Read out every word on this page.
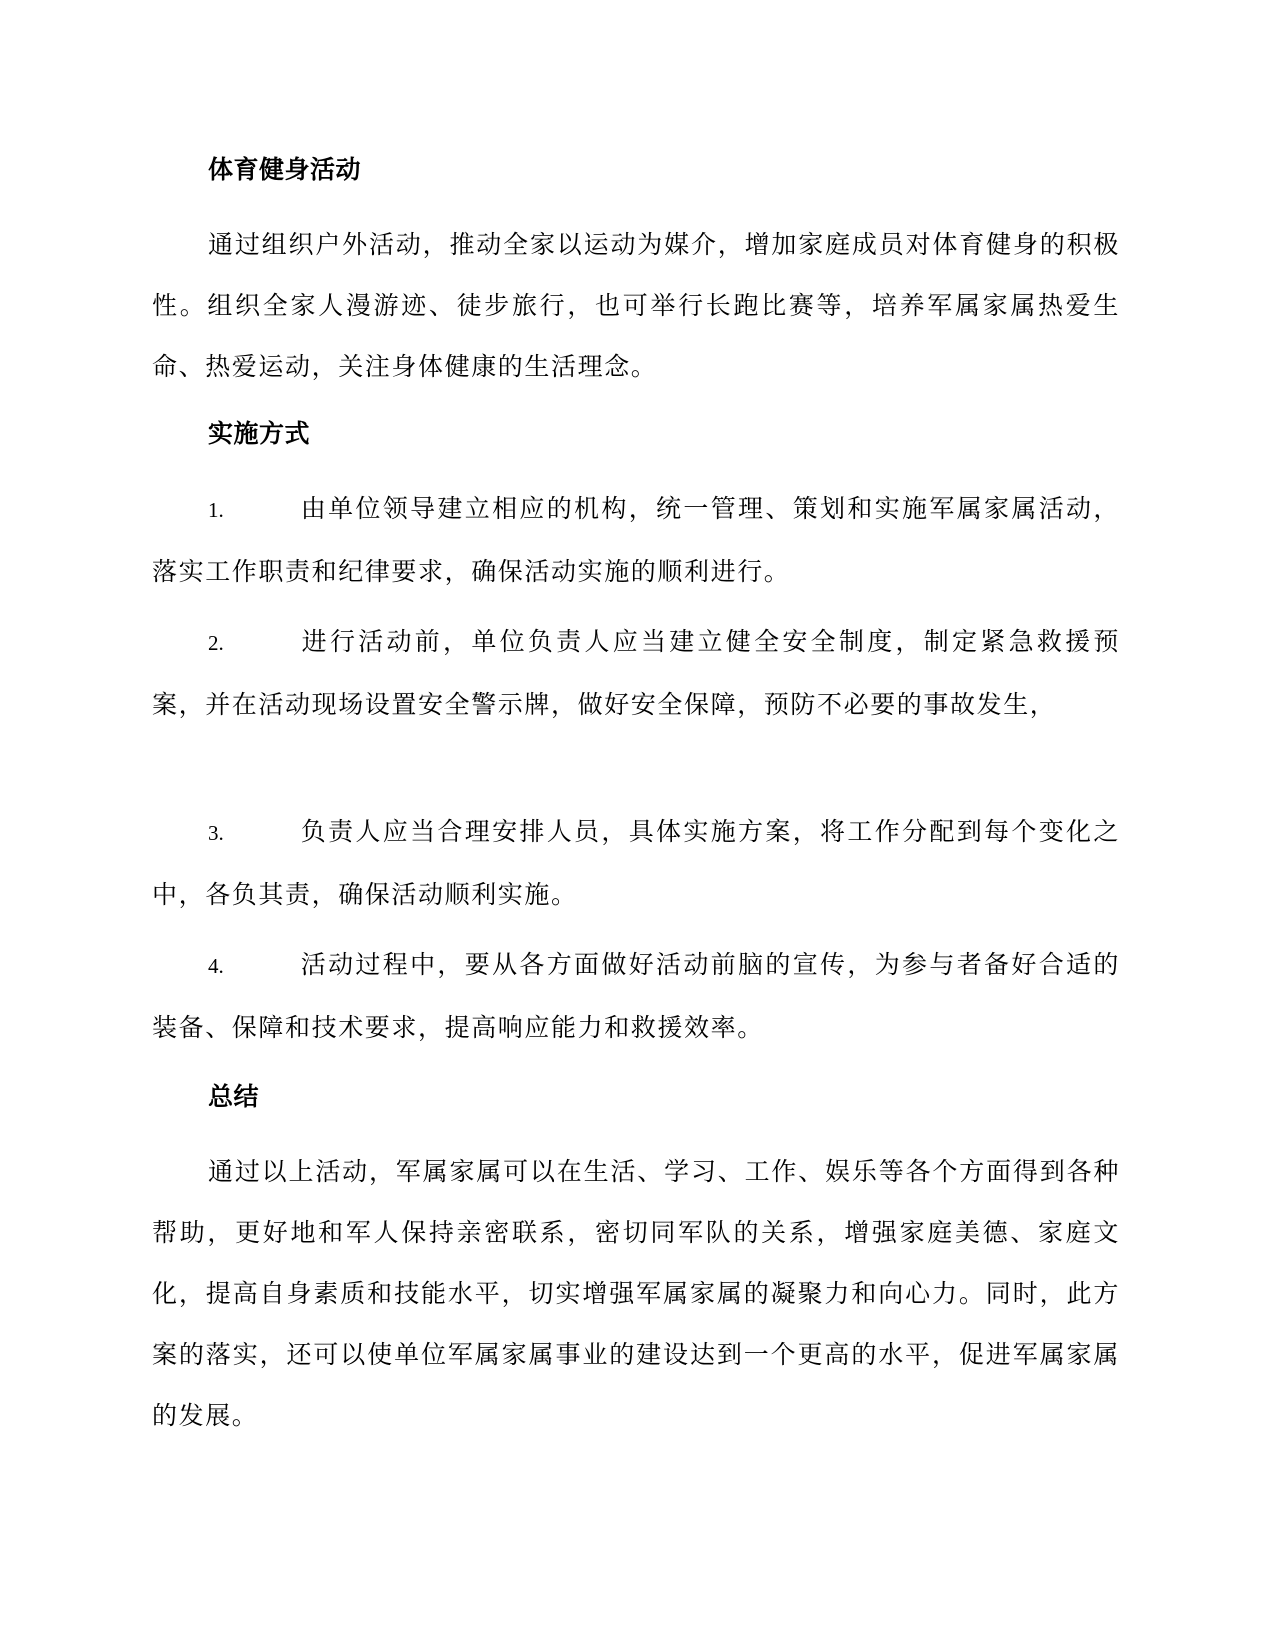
体育健身活动

通过组织户外活动，推动全家以运动为媒介，增加家庭成员对体育健身的积极性。组织全家人漫游迹、徒步旅行，也可举行长跑比赛等，培养军属家属热爱生命、热爱运动，关注身体健康的生活理念。

实施方式
1.	由单位领导建立相应的机构，统一管理、策划和实施军属家属活动，落实工作职责和纪律要求，确保活动实施的顺利进行。
2.	进行活动前，单位负责人应当建立健全安全制度，制定紧急救援预案，并在活动现场设置安全警示牌，做好安全保障，预防不必要的事故发生，
3.	负责人应当合理安排人员，具体实施方案，将工作分配到每个变化之中，各负其责，确保活动顺利实施。
4.	活动过程中，要从各方面做好活动前脑的宣传，为参与者备好合适的装备、保障和技术要求，提高响应能力和救援效率。
总结

通过以上活动，军属家属可以在生活、学习、工作、娱乐等各个方面得到各种帮助，更好地和军人保持亲密联系，密切同军队的关系，增强家庭美德、家庭文化，提高自身素质和技能水平，切实增强军属家属的凝聚力和向心力。同时，此方案的落实，还可以使单位军属家属事业的建设达到一个更高的水平，促进军属家属的发展。
